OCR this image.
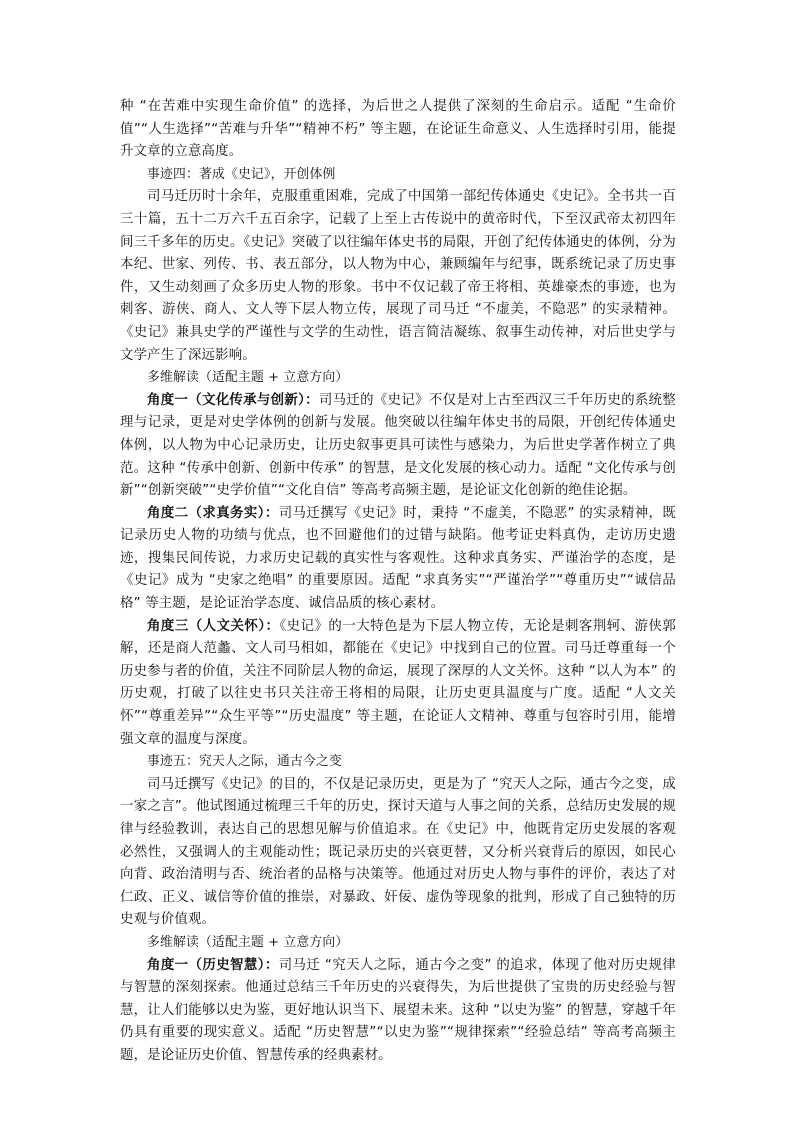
种 “在苦难中实现生命价值” 的选择，为后世之人提供了深刻的生命启示。适配 “生命价值”“人生选择”“苦难与升华”“精神不朽” 等主题，在论证生命意义、人生选择时引用，能提升文章的立意高度。

事迹四：著成《史记》，开创体例

司马迁历时十余年，克服重重困难，完成了中国第一部纪传体通史《史记》。全书共一百三十篇，五十二万六千五百余字，记载了上至上古传说中的黄帝时代，下至汉武帝太初四年间三千多年的历史。《史记》突破了以往编年体史书的局限，开创了纪传体通史的体例，分为本纪、世家、列传、书、表五部分，以人物为中心，兼顾编年与纪事，既系统记录了历史事件，又生动刻画了众多历史人物的形象。书中不仅记载了帝王将相、英雄豪杰的事迹，也为刺客、游侠、商人、文人等下层人物立传，展现了司马迁 “不虚美，不隐恶” 的实录精神。《史记》兼具史学的严谨性与文学的生动性，语言简洁凝练、叙事生动传神，对后世史学与文学产生了深远影响。

多维解读（适配主题 + 立意方向）

角度一（文化传承与创新）：司马迁的《史记》不仅是对上古至西汉三千年历史的系统整理与记录，更是对史学体例的创新与发展。他突破以往编年体史书的局限，开创纪传体通史体例，以人物为中心记录历史，让历史叙事更具可读性与感染力，为后世史学著作树立了典范。这种 “传承中创新、创新中传承” 的智慧，是文化发展的核心动力。适配 “文化传承与创新”“创新突破”“史学价值”“文化自信” 等高考高频主题，是论证文化创新的绝佳论据。

角度二（求真务实）：司马迁撰写《史记》时，秉持 “不虚美，不隐恶” 的实录精神，既记录历史人物的功绩与优点，也不回避他们的过错与缺陷。他考证史料真伪，走访历史遗迹，搜集民间传说，力求历史记载的真实性与客观性。这种求真务实、严谨治学的态度，是《史记》成为 “史家之绝唱” 的重要原因。适配 “求真务实”“严谨治学”“尊重历史”“诚信品格” 等主题，是论证治学态度、诚信品质的核心素材。

角度三（人文关怀）：《史记》的一大特色是为下层人物立传，无论是刺客荆轲、游侠郭解，还是商人范蠡、文人司马相如，都能在《史记》中找到自己的位置。司马迁尊重每一个历史参与者的价值，关注不同阶层人物的命运，展现了深厚的人文关怀。这种 “以人为本” 的历史观，打破了以往史书只关注帝王将相的局限，让历史更具温度与广度。适配 “人文关怀”“尊重差异”“众生平等”“历史温度” 等主题，在论证人文精神、尊重与包容时引用，能增强文章的温度与深度。

事迹五：究天人之际，通古今之变

司马迁撰写《史记》的目的，不仅是记录历史，更是为了 “究天人之际，通古今之变，成一家之言”。他试图通过梳理三千年的历史，探讨天道与人事之间的关系，总结历史发展的规律与经验教训，表达自己的思想见解与价值追求。在《史记》中，他既肯定历史发展的客观必然性，又强调人的主观能动性；既记录历史的兴衰更替，又分析兴衰背后的原因，如民心向背、政治清明与否、统治者的品格与决策等。他通过对历史人物与事件的评价，表达了对仁政、正义、诚信等价值的推崇，对暴政、奸佞、虚伪等现象的批判，形成了自己独特的历史观与价值观。

多维解读（适配主题 + 立意方向）

角度一（历史智慧）：司马迁 “究天人之际，通古今之变” 的追求，体现了他对历史规律与智慧的深刻探索。他通过总结三千年历史的兴衰得失，为后世提供了宝贵的历史经验与智慧，让人们能够以史为鉴，更好地认识当下、展望未来。这种 “以史为鉴” 的智慧，穿越千年仍具有重要的现实意义。适配 “历史智慧”“以史为鉴”“规律探索”“经验总结” 等高考高频主题，是论证历史价值、智慧传承的经典素材。
